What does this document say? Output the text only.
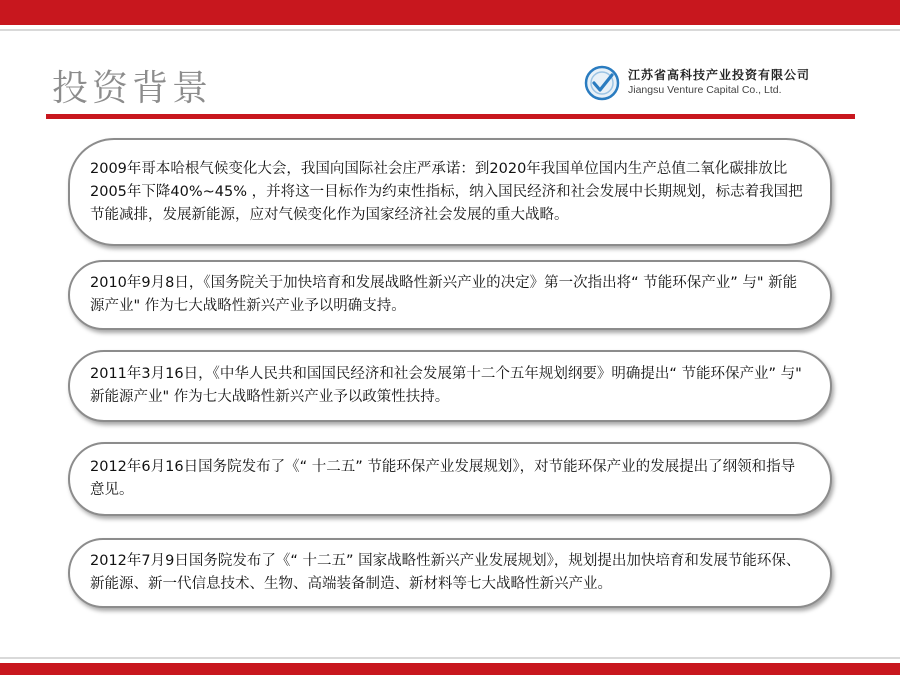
投资背景	江苏省高科技产业投资有限公司
Jiangsu Venture Capital Co., Ltd.

2009年哥本哈根气候变化大会，我国向国际社会庄严承诺：到2020年我国单位国内生产总值二氧化碳排放比2005年下降40%~45% ，并将这一目标作为约束性指标，纳入国民经济和社会发展中长期规划，标志着我国把节能减排，发展新能源，应对气候变化作为国家经济社会发展的重大战略。

2010年9月8日，《国务院关于加快培育和发展战略性新兴产业的决定》第一次指出将“ 节能环保产业” 与" 新能源产业" 作为七大战略性新兴产业予以明确支持。

2011年3月16日，《中华人民共和国国民经济和社会发展第十二个五年规划纲要》明确提出“ 节能环保产业” 与" 新能源产业" 作为七大战略性新兴产业予以政策性扶持。

2012年6月16日国务院发布了《“ 十二五” 节能环保产业发展规划》，对节能环保产业的发展提出了纲领和指导意见。

2012年7月9日国务院发布了《“ 十二五” 国家战略性新兴产业发展规划》，规划提出加快培育和发展节能环保、新能源、新一代信息技术、生物、高端装备制造、新材料等七大战略性新兴产业。
